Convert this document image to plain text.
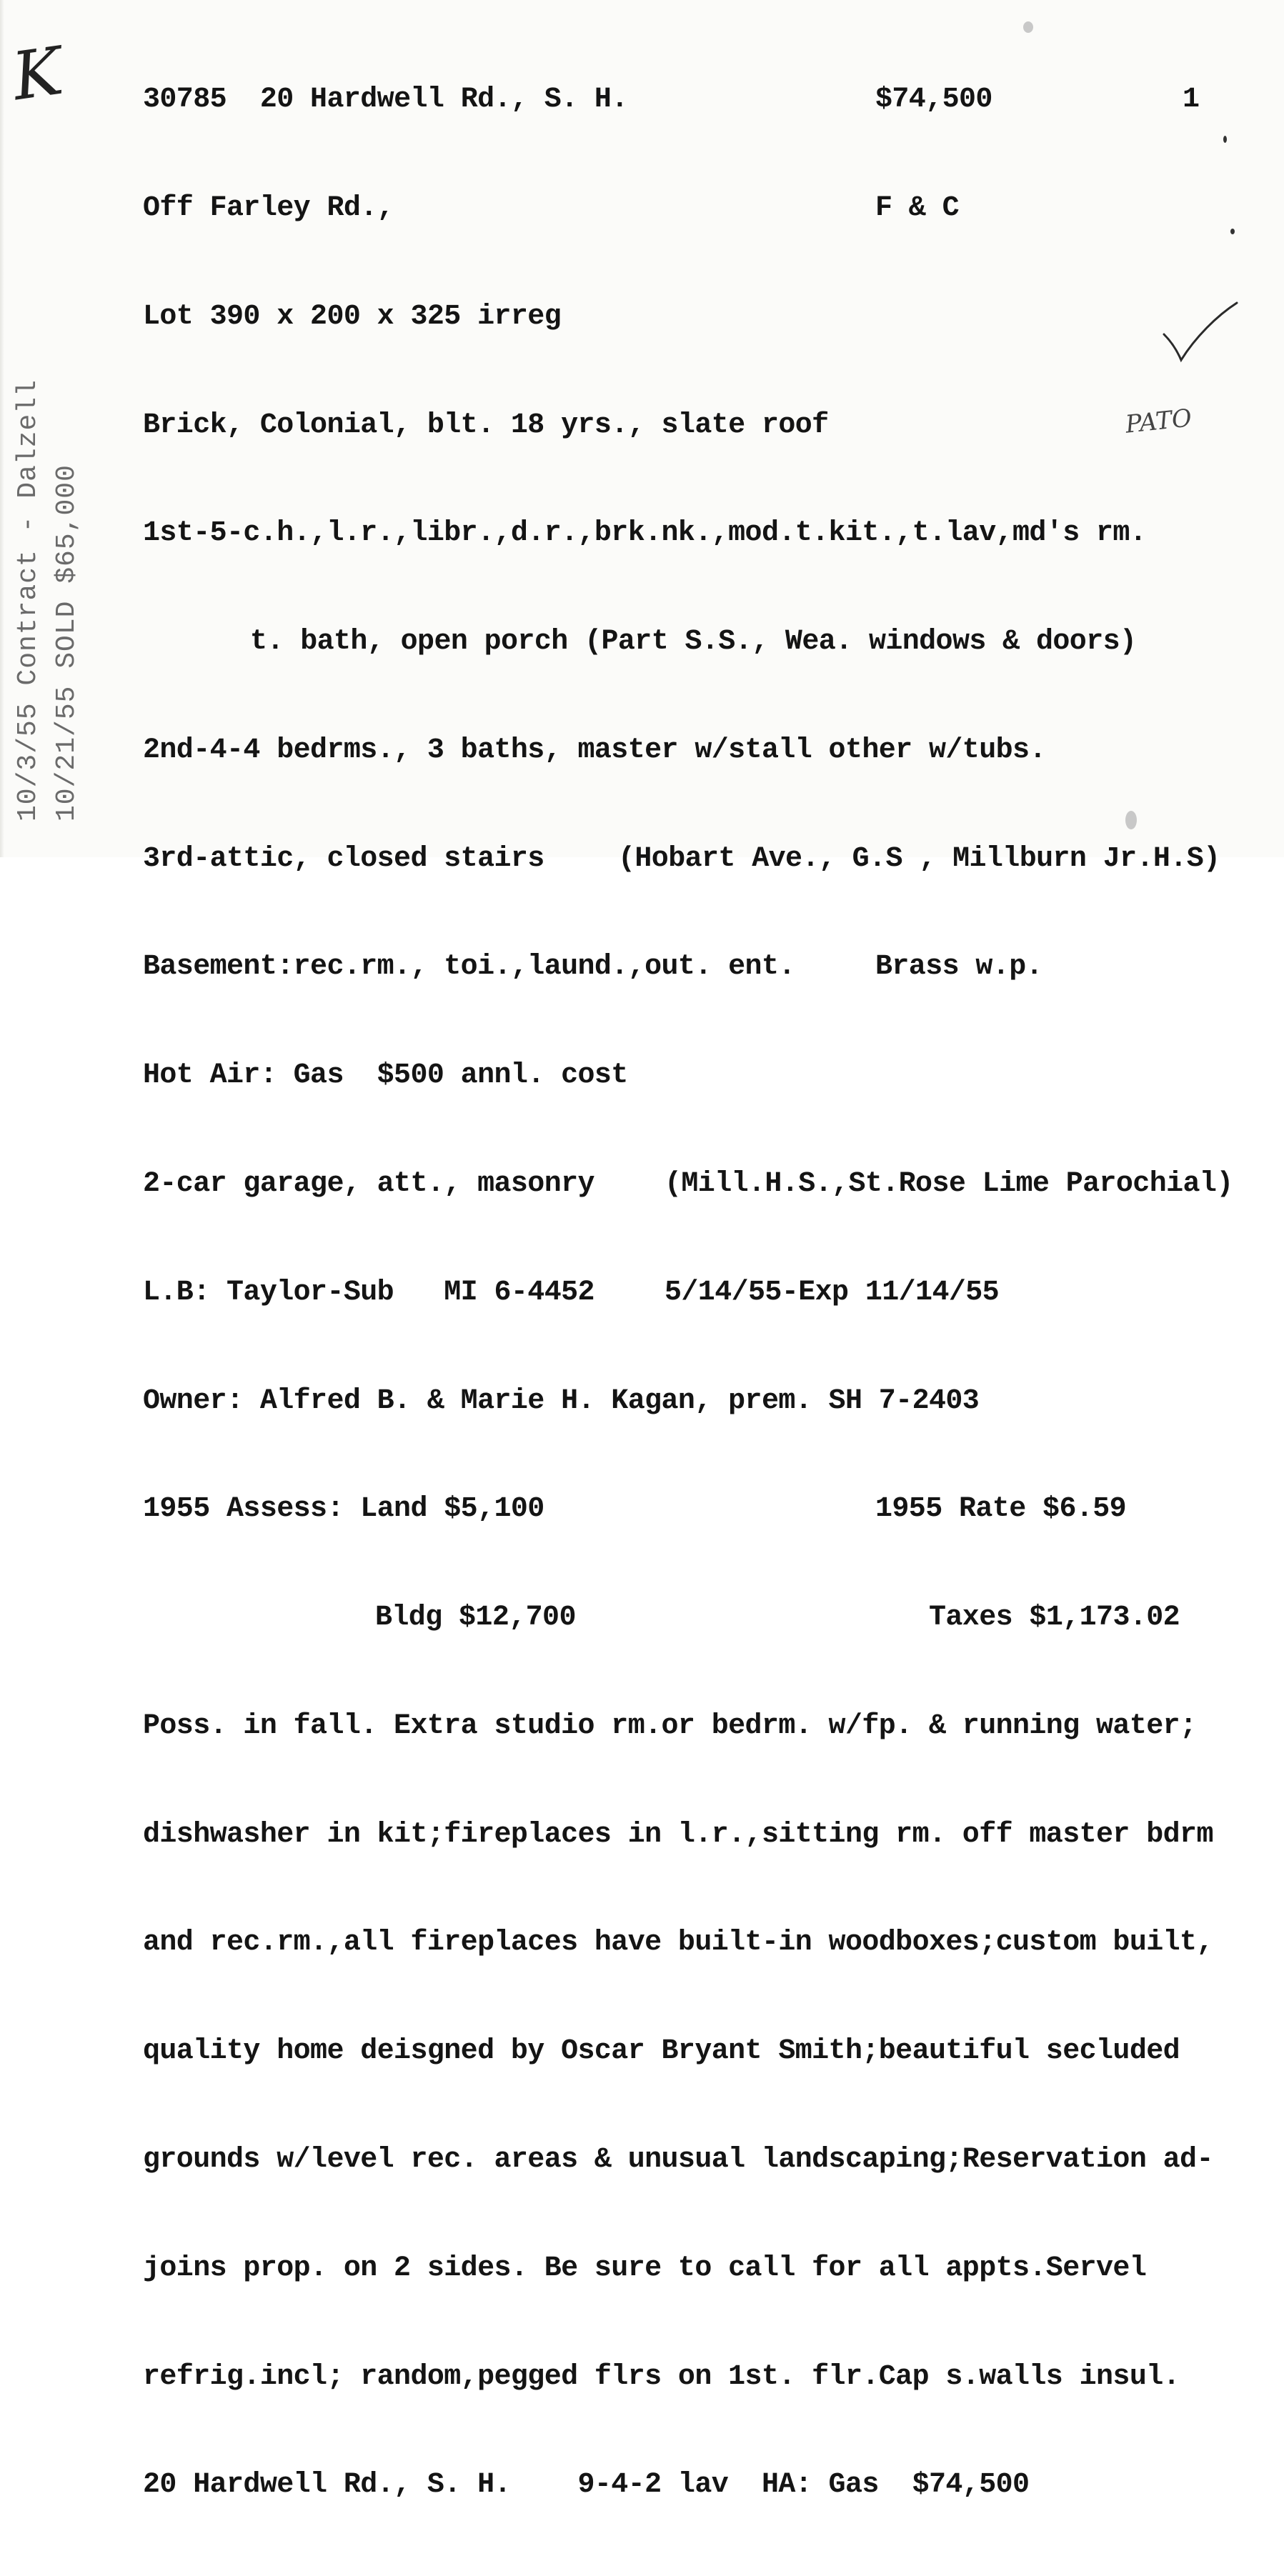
K
PATO
10/3/55 Contract - Dalzell 10/21/55 SOLD $65,000

30785 20 Hardwell Rd., S. H.	$74,500	1

Off Farley Rd.,	F & C

Lot 390 x 200 x 325 irreg

Brick, Colonial, blt. 18 yrs., slate roof

1st-5-c.h.,l.r.,libr.,d.r.,brk.nk.,mod.t.kit.,t.lav,md's rm.

t. bath, open porch (Part S.S., Wea. windows & doors)

2nd-4-4 bedrms., 3 baths, master w/stall other w/tubs.

3rd-attic, closed stairs	(Hobart Ave., G.S , Millburn Jr.H.S)

Basement:rec.rm., toi.,laund.,out. ent.	Brass w.p.

Hot Air: Gas  $500 annl. cost

2-car garage, att., masonry (Mill.H.S.,St.Rose Lime Parochial)

L.B: Taylor-Sub   MI 6-4452 5/14/55-Exp 11/14/55

Owner: Alfred B. & Marie H. Kagan, prem. SH 7-2403

1955 Assess: Land $5,100	1955 Rate $6.59

Bldg $12,700	Taxes $1,173.02

Poss. in fall. Extra studio rm.or bedrm. w/fp. & running water;

dishwasher in kit;fireplaces in l.r.,sitting rm. off master bdrm

and rec.rm.,all fireplaces have built-in woodboxes;custom built,

quality home deisgned by Oscar Bryant Smith;beautiful secluded

grounds w/level rec. areas & unusual landscaping;Reservation ad-

joins prop. on 2 sides. Be sure to call for all appts.Servel

refrig.incl; random,pegged flrs on 1st. flr.Cap s.walls insul.

20 Hardwell Rd., S. H.    9-4-2 lav  HA: Gas  $74,500
